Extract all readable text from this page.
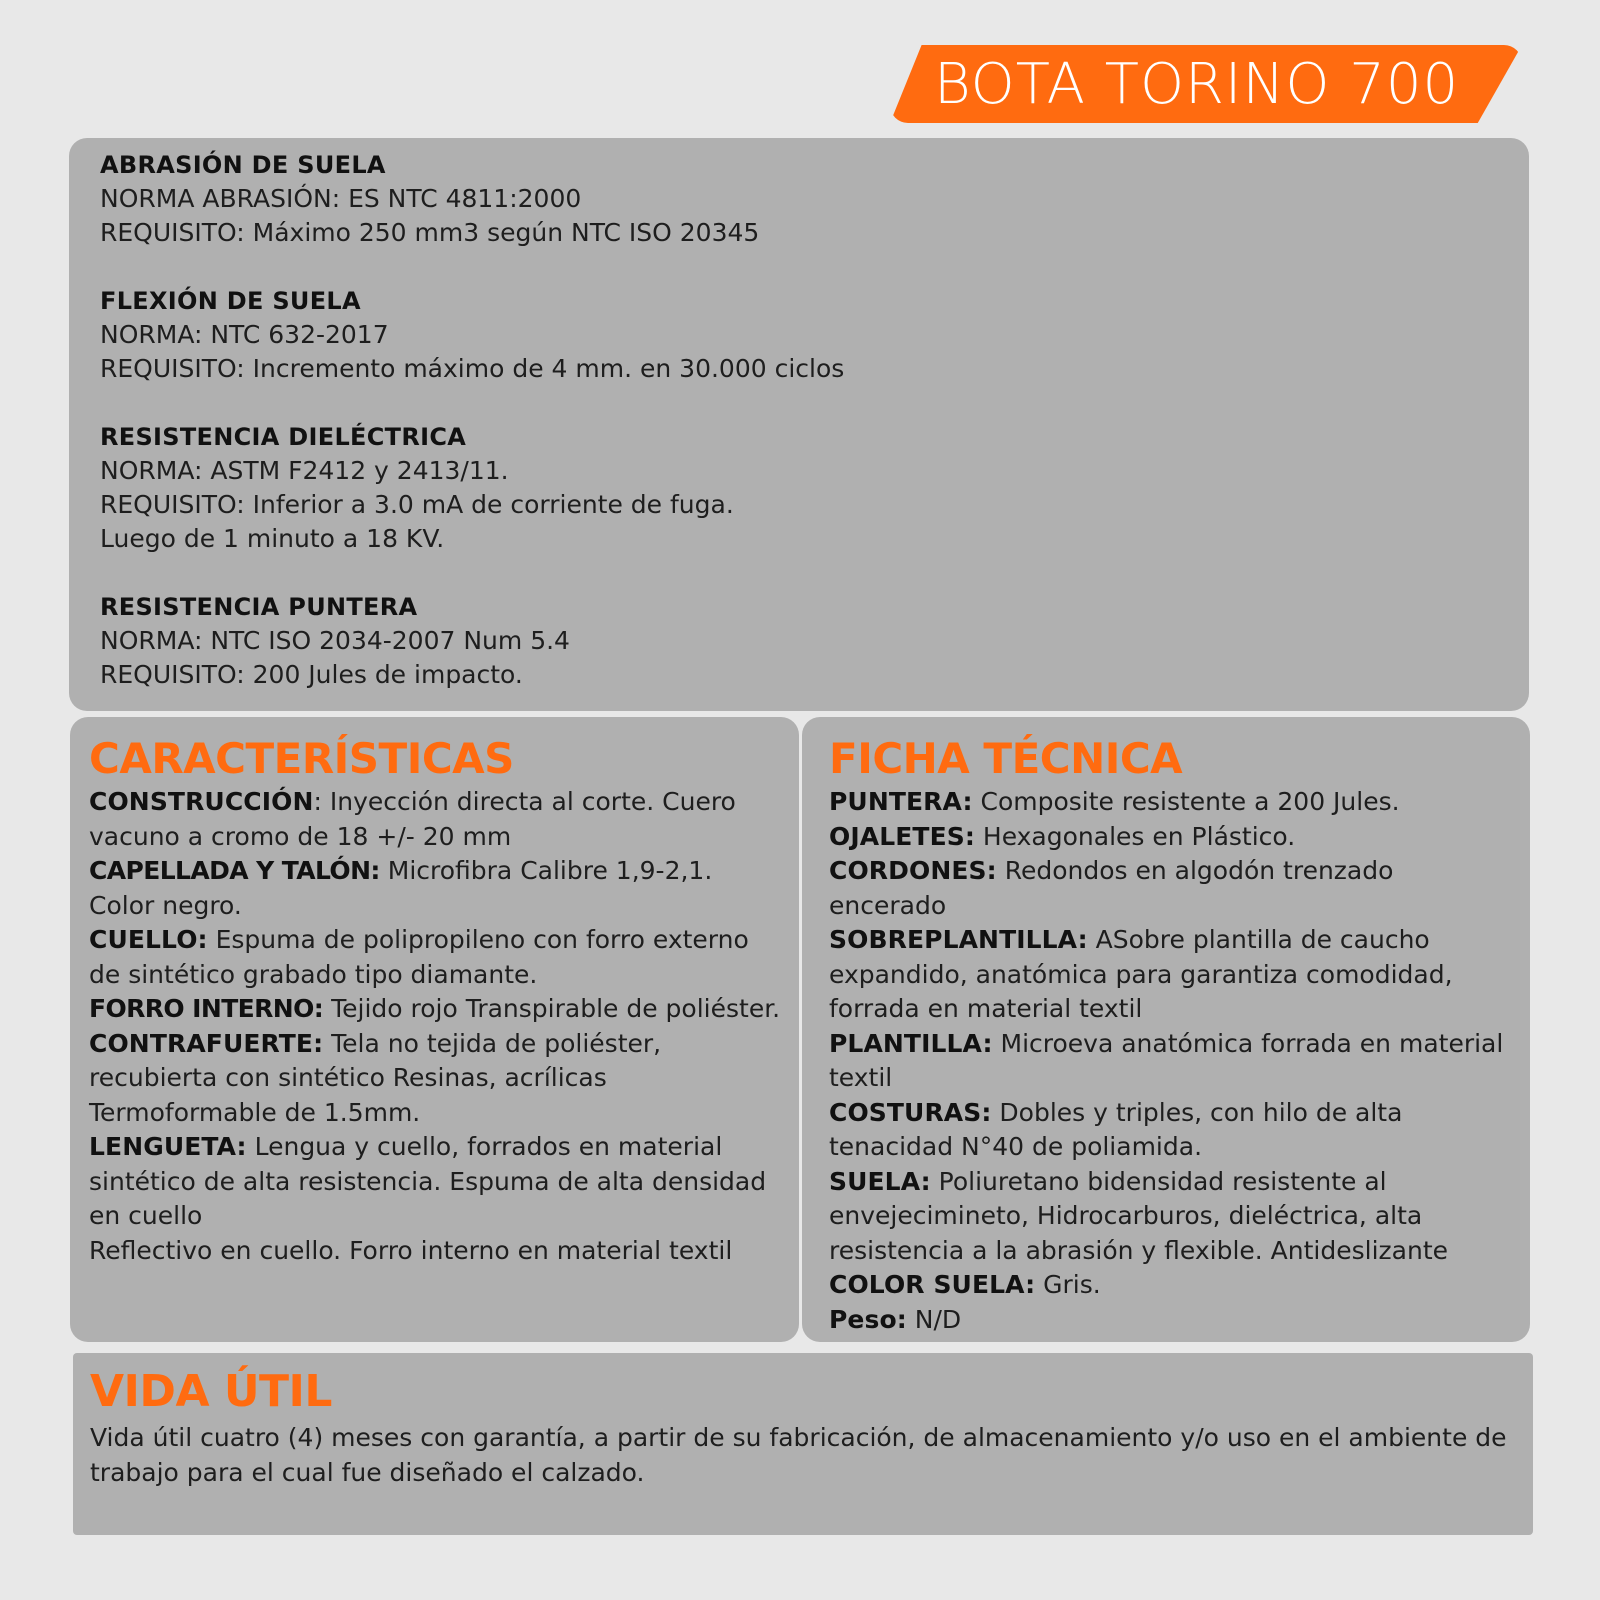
BOTA TORINO 700
ABRASIÓN DE SUELA
NORMA ABRASIÓN: ES NTC 4811:2000
REQUISITO: Máximo 250 mm3 según NTC ISO 20345
FLEXIÓN DE SUELA
NORMA: NTC 632-2017
REQUISITO: Incremento máximo de 4 mm. en 30.000 ciclos
RESISTENCIA DIELÉCTRICA
NORMA: ASTM F2412 y 2413/11.
REQUISITO: Inferior a 3.0 mA de corriente de fuga.
Luego de 1 minuto a 18 KV.
RESISTENCIA PUNTERA
NORMA: NTC ISO 2034-2007 Num 5.4
REQUISITO: 200 Jules de impacto.
CARACTERÍSTICAS
CONSTRUCCIÓN: Inyección directa al corte. Cuero vacuno a cromo de 18 +/- 20 mm
CAPELLADA Y TALÓN: Microfibra Calibre 1,9-2,1. Color negro.
CUELLO: Espuma de polipropileno con forro externo de sintético grabado tipo diamante.
FORRO INTERNO: Tejido rojo Transpirable de poliéster.
CONTRAFUERTE: Tela no tejida de poliéster, recubierta con sintético Resinas, acrílicas Termoformable de 1.5mm.
LENGUETA: Lengua y cuello, forrados en material sintético de alta resistencia. Espuma de alta densidad en cuello
Reflectivo en cuello. Forro interno en material textil
FICHA TÉCNICA
PUNTERA: Composite resistente a 200 Jules.
OJALETES: Hexagonales en Plástico.
CORDONES: Redondos en algodón trenzado encerado
SOBREPLANTILLA: ASobre plantilla de caucho expandido, anatómica para garantiza comodidad, forrada en material textil
PLANTILLA: Microeva anatómica forrada en material textil
COSTURAS: Dobles y triples, con hilo de alta tenacidad N°40 de poliamida.
SUELA: Poliuretano bidensidad resistente al envejecimineto, Hidrocarburos, dieléctrica, alta resistencia a la abrasión y flexible. Antideslizante
COLOR SUELA: Gris.
Peso: N/D
VIDA ÚTIL
Vida útil cuatro (4) meses con garantía, a partir de su fabricación, de almacenamiento y/o uso en el ambiente de trabajo para el cual fue diseñado el calzado.
